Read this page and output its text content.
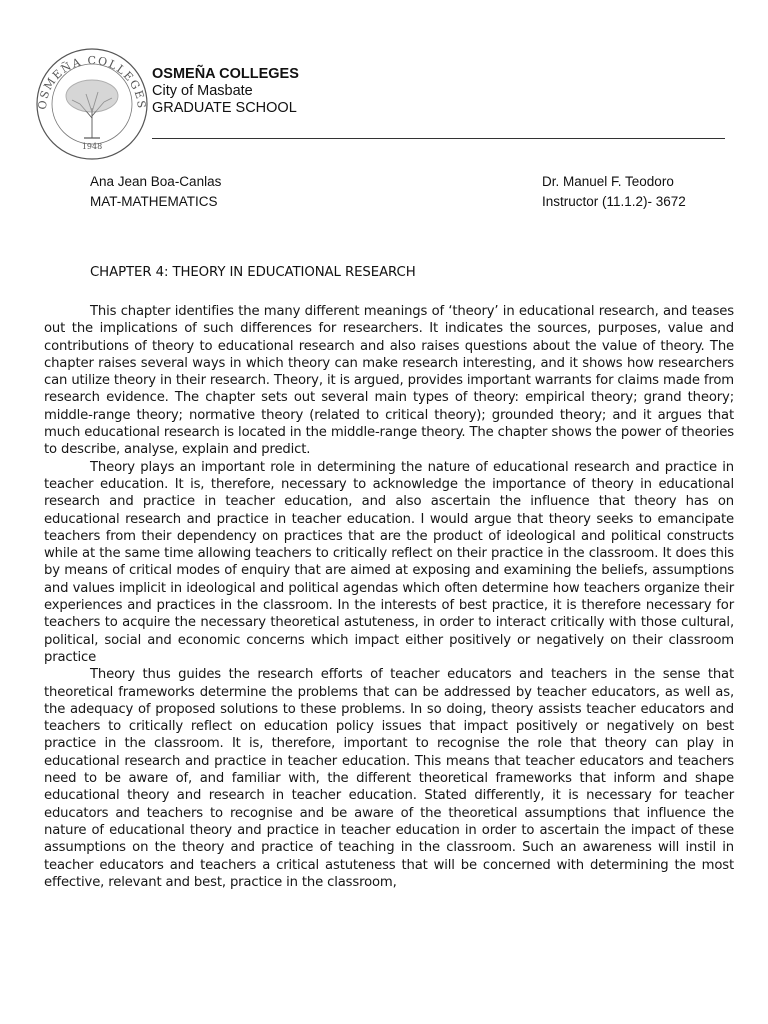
OSMEÑA COLLEGES
1948
OSMEÑA COLLEGES
City of Masbate
GRADUATE SCHOOL
Ana Jean Boa-Canlas
MAT-MATHEMATICS
Dr. Manuel F. Teodoro
Instructor (11.1.2)- 3672
CHAPTER 4: THEORY IN EDUCATIONAL RESEARCH

This chapter identifies the many different meanings of ‘theory’ in educational research, and teases out the implications of such differences for researchers. It indicates the sources, purposes, value and contributions of theory to educational research and also raises questions about the value of theory. The chapter raises several ways in which theory can make research interesting, and it shows how researchers can utilize theory in their research. Theory, it is argued, provides important warrants for claims made from research evidence. The chapter sets out several main types of theory: empirical theory; grand theory; middle-range theory; normative theory (related to critical theory); grounded theory; and it argues that much educational research is located in the middle-range theory. The chapter shows the power of theories to describe, analyse, explain and predict.

Theory plays an important role in determining the nature of educational research and practice in teacher education. It is, therefore, necessary to acknowledge the importance of theory in educational research and practice in teacher education, and also ascertain the influence that theory has on educational research and practice in teacher education. I would argue that theory seeks to emancipate teachers from their dependency on practices that are the product of ideological and political constructs while at the same time allowing teachers to critically reflect on their practice in the classroom. It does this by means of critical modes of enquiry that are aimed at exposing and examining the beliefs, assumptions and values implicit in ideological and political agendas which often determine how teachers organize their experiences and practices in the classroom. In the interests of best practice, it is therefore necessary for teachers to acquire the necessary theoretical astuteness, in order to interact critically with those cultural, political, social and economic concerns which impact either positively or negatively on their classroom practice

Theory thus guides the research efforts of teacher educators and teachers in the sense that theoretical frameworks determine the problems that can be addressed by teacher educators, as well as, the adequacy of proposed solutions to these problems. In so doing, theory assists teacher educators and teachers to critically reflect on education policy issues that impact positively or negatively on best practice in the classroom. It is, therefore, important to recognise the role that theory can play in educational research and practice in teacher education. This means that teacher educators and teachers need to be aware of, and familiar with, the different theoretical frameworks that inform and shape educational theory and research in teacher education. Stated differently, it is necessary for teacher educators and teachers to recognise and be aware of the theoretical assumptions that influence the nature of educational theory and practice in teacher education in order to ascertain the impact of these assumptions on the theory and practice of teaching in the classroom. Such an awareness will instil in teacher educators and teachers a critical astuteness that will be concerned with determining the most effective, relevant and best, practice in the classroom,
